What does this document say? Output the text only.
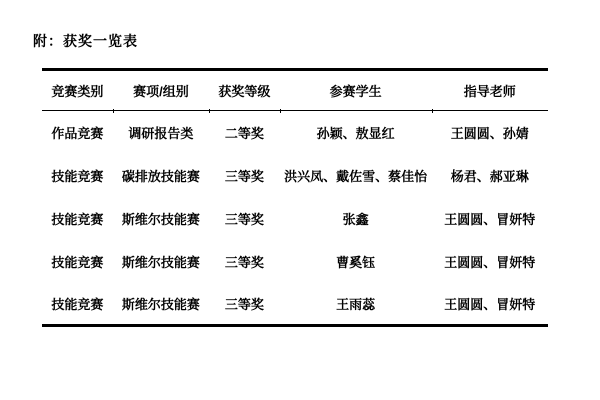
附：获奖一览表
竞赛类别	赛项/组别	获奖等级	参赛学生	指导老师
作品竞赛	调研报告类	二等奖	孙颖、敖显红	王圆圆、孙婧
技能竞赛	碳排放技能赛	三等奖	洪兴凤、戴佐雪、蔡佳怡	杨君、郝亚琳
技能竞赛	斯维尔技能赛	三等奖	张鑫	王圆圆、冒妍特
技能竞赛	斯维尔技能赛	三等奖	曹奚钰	王圆圆、冒妍特
技能竞赛	斯维尔技能赛	三等奖	王雨蕊	王圆圆、冒妍特
